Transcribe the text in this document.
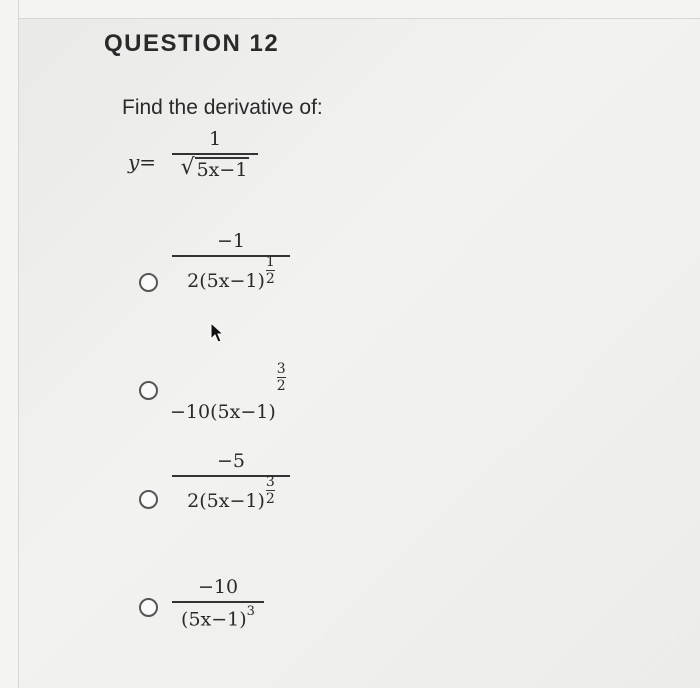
QUESTION 12
Find the derivative of:
y=
1
√ 5x−1
−1
$2(5x-1) \frac{1}{2}$
−10(5x−1)
$\frac{3}{2}$
−5
$2(5x-1) \frac{3}{2}$
−10
$(5x-1)^3$
